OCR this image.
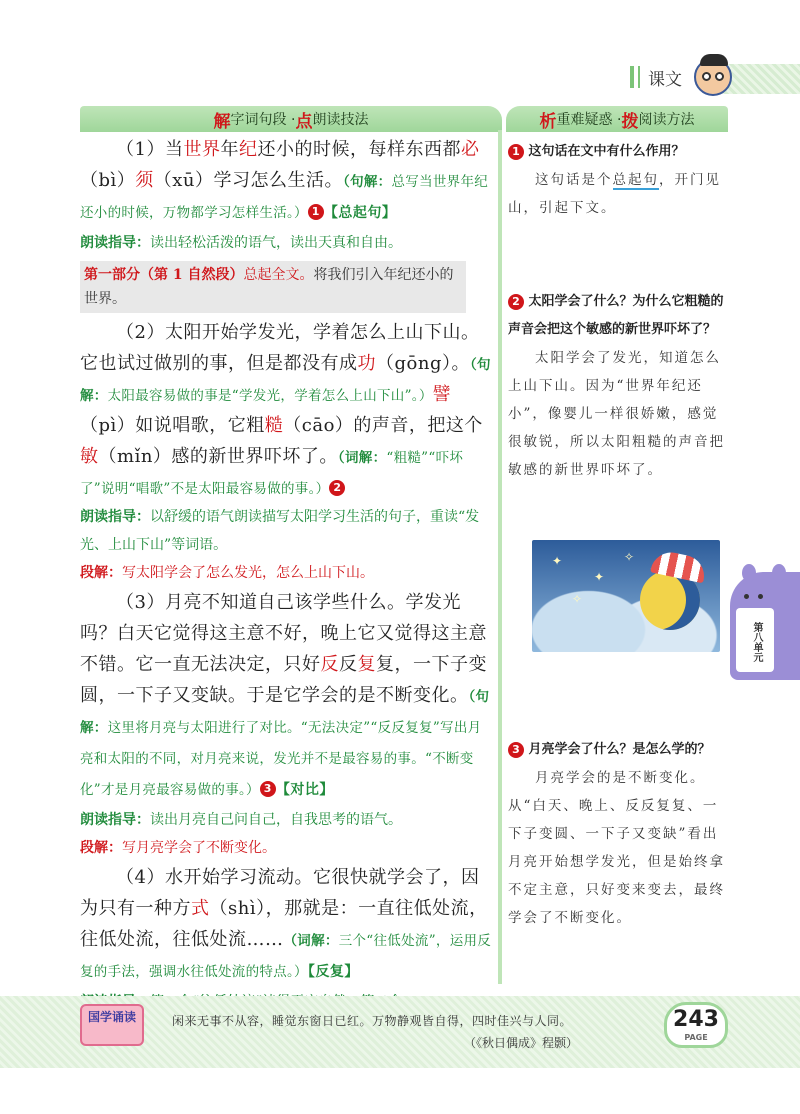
课文
解 字词句段 · 点 朗读技法	析 重难疑惑 · 拨 阅读方法

（1）当世界年纪还小的时候，每样东西都必（bì）须（xū）学习怎么生活。（句解：总写当世界年纪还小的时候，万物都学习怎样生活。） 1 【总起句】

朗读指导：读出轻松活泼的语气，读出天真和自由。

第一部分（第 1 自然段）总起全文。将我们引入年纪还小的世界。

（2）太阳开始学发光，学着怎么上山下山。它也试过做别的事，但是都没有成功（gōng）。（句解：太阳最容易做的事是“学发光，学着怎么上山下山”。）譬（pì）如说唱歌，它粗糙（cāo）的声音，把这个敏（mǐn）感的新世界吓坏了。（词解：“粗糙”“吓坏了”说明“唱歌”不是太阳最容易做的事。） 2

朗读指导：以舒缓的语气朗读描写太阳学习生活的句子，重读“发光、上山下山”等词语。

段解：写太阳学会了怎么发光，怎么上山下山。

（3）月亮不知道自己该学些什么。学发光吗？白天它觉得这主意不好，晚上它又觉得这主意不错。它一直无法决定，只好反反复复，一下子变圆，一下子又变缺。于是它学会的是不断变化。（句解：这里将月亮与太阳进行了对比。“无法决定”“反反复复”写出月亮和太阳的不同，对月亮来说，发光并不是最容易的事。“不断变化”才是月亮最容易做的事。） 3 【对比】

朗读指导：读出月亮自己问自己，自我思考的语气。

段解：写月亮学会了不断变化。

（4）水开始学习流动。它很快就学会了，因为只有一种方式（shì），那就是：一直往低处流，往低处流，往低处流……（词解：三个“往低处流”，运用反复的手法，强调水往低处流的特点。）【反复】

1 这句话在文中有什么作用？

这句话是个总起句，开门见山，引起下文。

2 太阳学会了什么？为什么它粗糙的声音会把这个敏感的新世界吓坏了？

太阳学会了发光，知道怎么上山下山。因为“世界年纪还小”，像婴儿一样很娇嫩，感觉很敏锐，所以太阳粗糙的声音把敏感的新世界吓坏了。

✦
✦
✧
✧

3 月亮学会了什么？是怎么学的？

月亮学会的是不断变化。从“白天、晚上、反反复复、一下子变圆、一下子又变缺”看出月亮开始想学发光，但是始终拿不定主意，只好变来变去，最终学会了不断变化。

第八单元
国学诵读	闲来无事不从容，睡觉东窗日已红。万物静观皆自得，四时佳兴与人同。
（《秋日偶成》程颢）
243
PAGE
